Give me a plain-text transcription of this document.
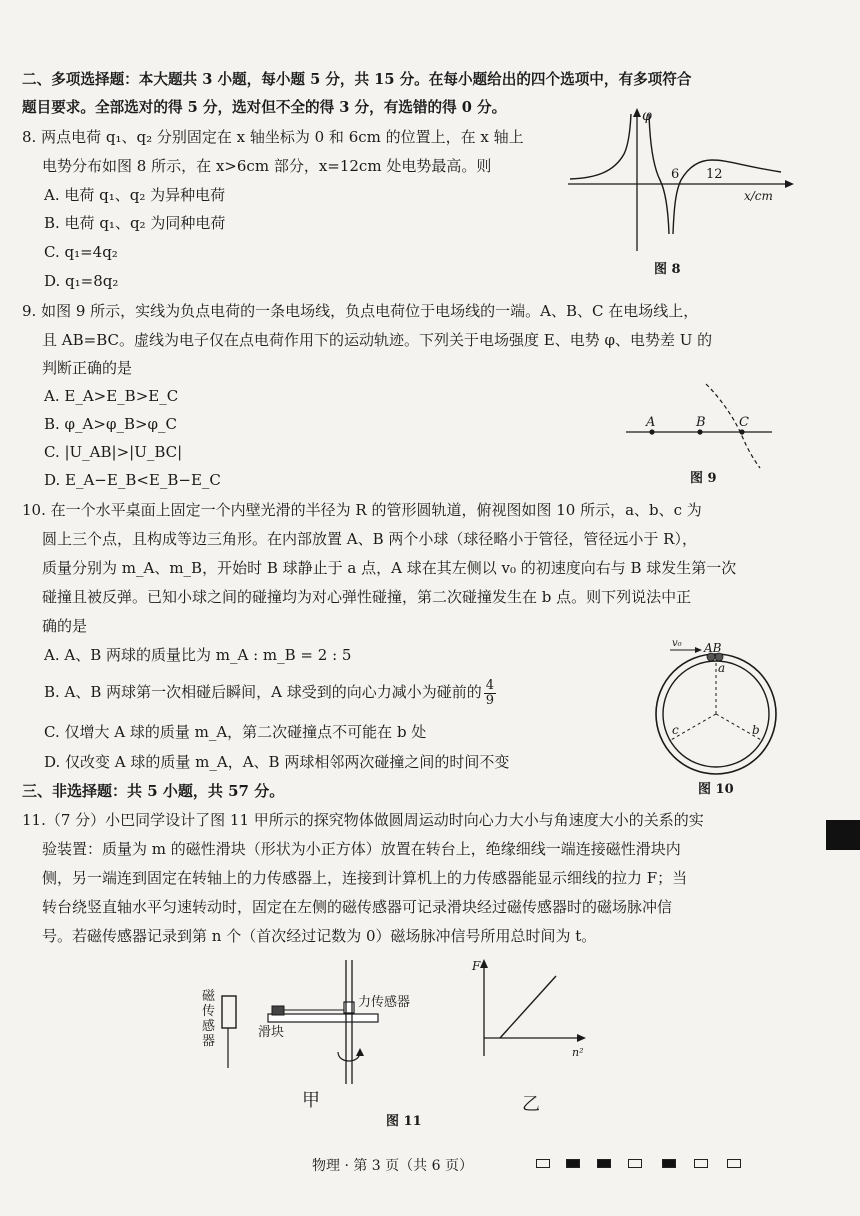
二、多项选择题：本大题共 3 小题，每小题 5 分，共 15 分。在每小题给出的四个选项中，有多项符合
题目要求。全部选对的得 5 分，选对但不全的得 3 分，有选错的得 0 分。
8. 两点电荷 q₁、q₂ 分别固定在 x 轴坐标为 0 和 6cm 的位置上，在 x 轴上
电势分布如图 8 所示，在 x>6cm 部分，x=12cm 处电势最高。则
A. 电荷 q₁、q₂ 为异种电荷
B. 电荷 q₁、q₂ 为同种电荷
C. q₁=4q₂
D. q₁=8q₂
φ
6 12
x/cm
图 8
9. 如图 9 所示，实线为负点电荷的一条电场线，负点电荷位于电场线的一端。A、B、C 在电场线上，
且 AB=BC。虚线为电子仅在点电荷作用下的运动轨迹。下列关于电场强度 E、电势 φ、电势差 U 的
判断正确的是
A. E_A>E_B>E_C
B. φ_A>φ_B>φ_C
C. |U_AB|>|U_BC|
D. E_A−E_B<E_B−E_C
A	B	C
图 9
10. 在一个水平桌面上固定一个内壁光滑的半径为 R 的管形圆轨道，俯视图如图 10 所示，a、b、c 为
圆上三个点，且构成等边三角形。在内部放置 A、B 两个小球（球径略小于管径，管径远小于 R），
质量分别为 m_A、m_B，开始时 B 球静止于 a 点，A 球在其左侧以 v₀ 的初速度向右与 B 球发生第一次
碰撞且被反弹。已知小球之间的碰撞均为对心弹性碰撞，第二次碰撞发生在 b 点。则下列说法中正
确的是
A. A、B 两球的质量比为 m_A : m_B = 2 : 5
B. A、B 两球第一次相碰后瞬间，A 球受到的向心力减小为碰前的 $\frac{4}{9}$
C. 仅增大 A 球的质量 m_A，第二次碰撞点不可能在 b 处
D. 仅改变 A 球的质量 m_A，A、B 两球相邻两次碰撞之间的时间不变
v₀ AB
a
b
c
图 10
三、非选择题：共 5 小题，共 57 分。
11.（7 分）小巴同学设计了图 11 甲所示的探究物体做圆周运动时向心力大小与角速度大小的关系的实
验装置：质量为 m 的磁性滑块（形状为小正方体）放置在转台上，绝缘细线一端连接磁性滑块内
侧，另一端连到固定在转轴上的力传感器上，连接到计算机上的力传感器能显示细线的拉力 F；当
转台绕竖直轴水平匀速转动时，固定在左侧的磁传感器可记录滑块经过磁传感器时的磁场脉冲信
号。若磁传感器记录到第 n 个（首次经过记数为 0）磁场脉冲信号所用总时间为 t。
力传感器
滑块
磁
传
感
器
甲
F
n²
乙
图 11
物理 · 第 3 页（共 6 页）
